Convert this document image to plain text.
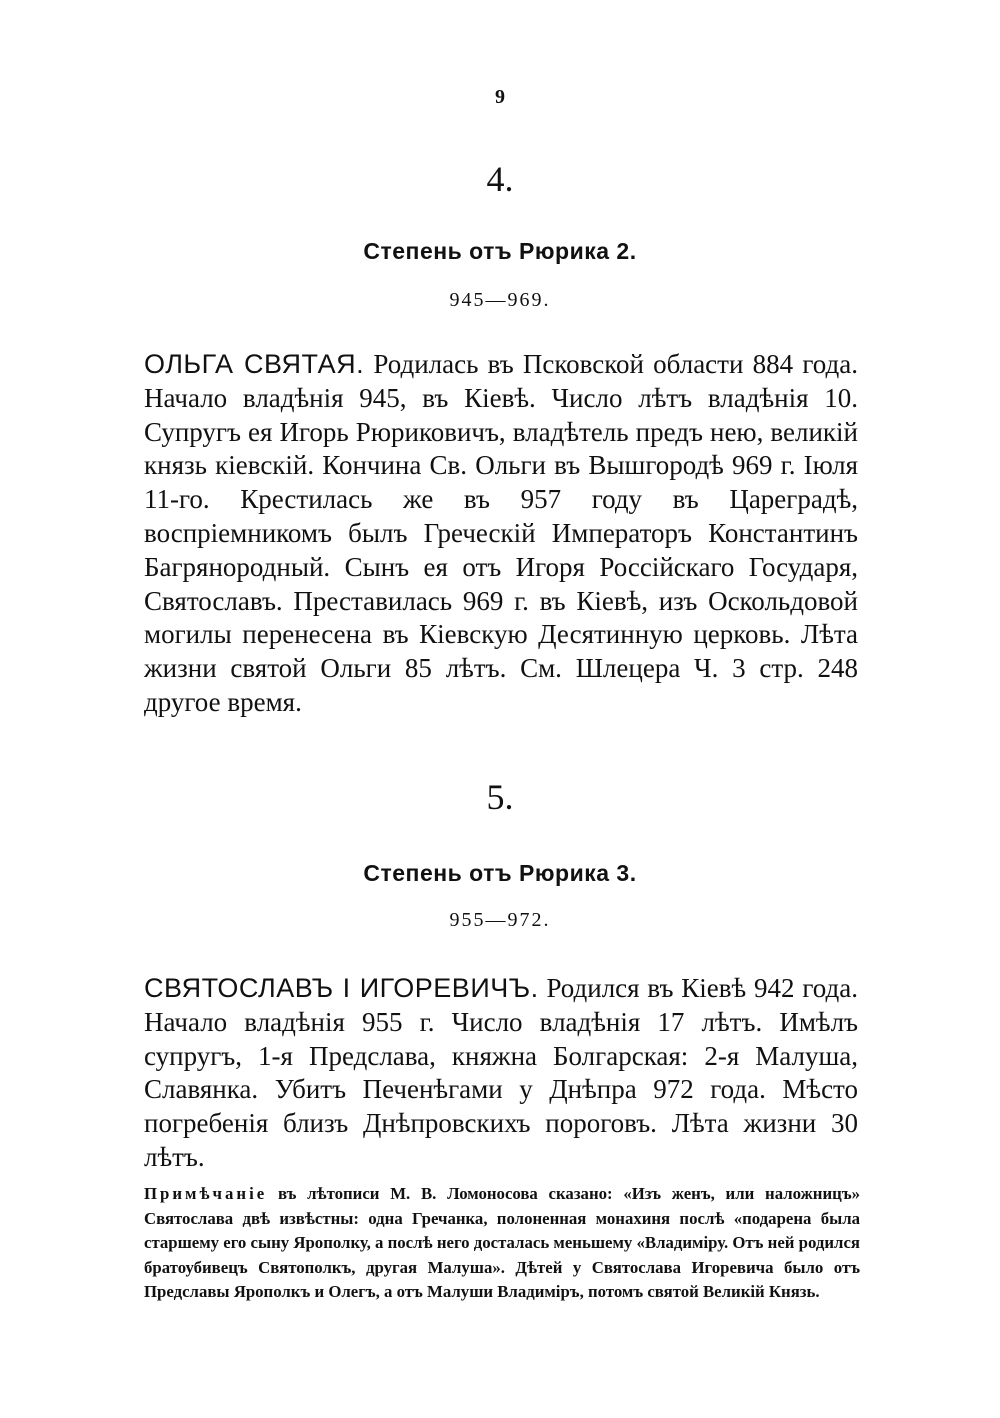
9
4.
Степень отъ Рюрика 2.
945—969.

ОЛЬГА СВЯТАЯ. Родилась въ Псковской области 884 года. Начало владѣнія 945, въ Кіевѣ. Число лѣтъ владѣнія 10. Супругъ ея Игорь Рюриковичъ, владѣтель предъ нею, великій князь кіевскій. Кончина Св. Ольги въ Вышгородѣ 969 г. Іюля 11-го. Крестилась же въ 957 году въ Цареградѣ, воспріемникомъ былъ Греческій Императоръ Константинъ Багрянородный. Сынъ ея отъ Игоря Россійскаго Государя, Святославъ. Преставилась 969 г. въ Кіевѣ, изъ Оскольдовой могилы перенесена въ Кіевскую Десятинную церковь. Лѣта жизни святой Ольги 85 лѣтъ. См. Шлецера Ч. 3 стр. 248 другое время.

5.
Степень отъ Рюрика 3.
955—972.

СВЯТОСЛАВЪ І ИГОРЕВИЧЪ. Родился въ Кіевѣ 942 года. Начало владѣнія 955 г. Число владѣнія 17 лѣтъ. Имѣлъ супругъ, 1-я Предслава, княжна Болгарская: 2-я Малуша, Славянка. Убитъ Печенѣгами у Днѣпра 972 года. Мѣсто погребенія близъ Днѣпровскихъ пороговъ. Лѣта жизни 30 лѣтъ.

Примѣчаніе въ лѣтописи М. В. Ломоносова сказано: «Изъ женъ, или наложницъ» Святослава двѣ извѣстны: одна Гречанка, полоненная монахиня послѣ «подарена была старшему его сыну Ярополку, а послѣ него досталась меньшему «Владиміру. Отъ ней родился братоубивецъ Святополкъ, другая Малуша». Дѣтей у Святослава Игоревича было отъ Предславы Ярополкъ и Олегъ, а отъ Малуши Владиміръ, потомъ святой Великій Князь.
